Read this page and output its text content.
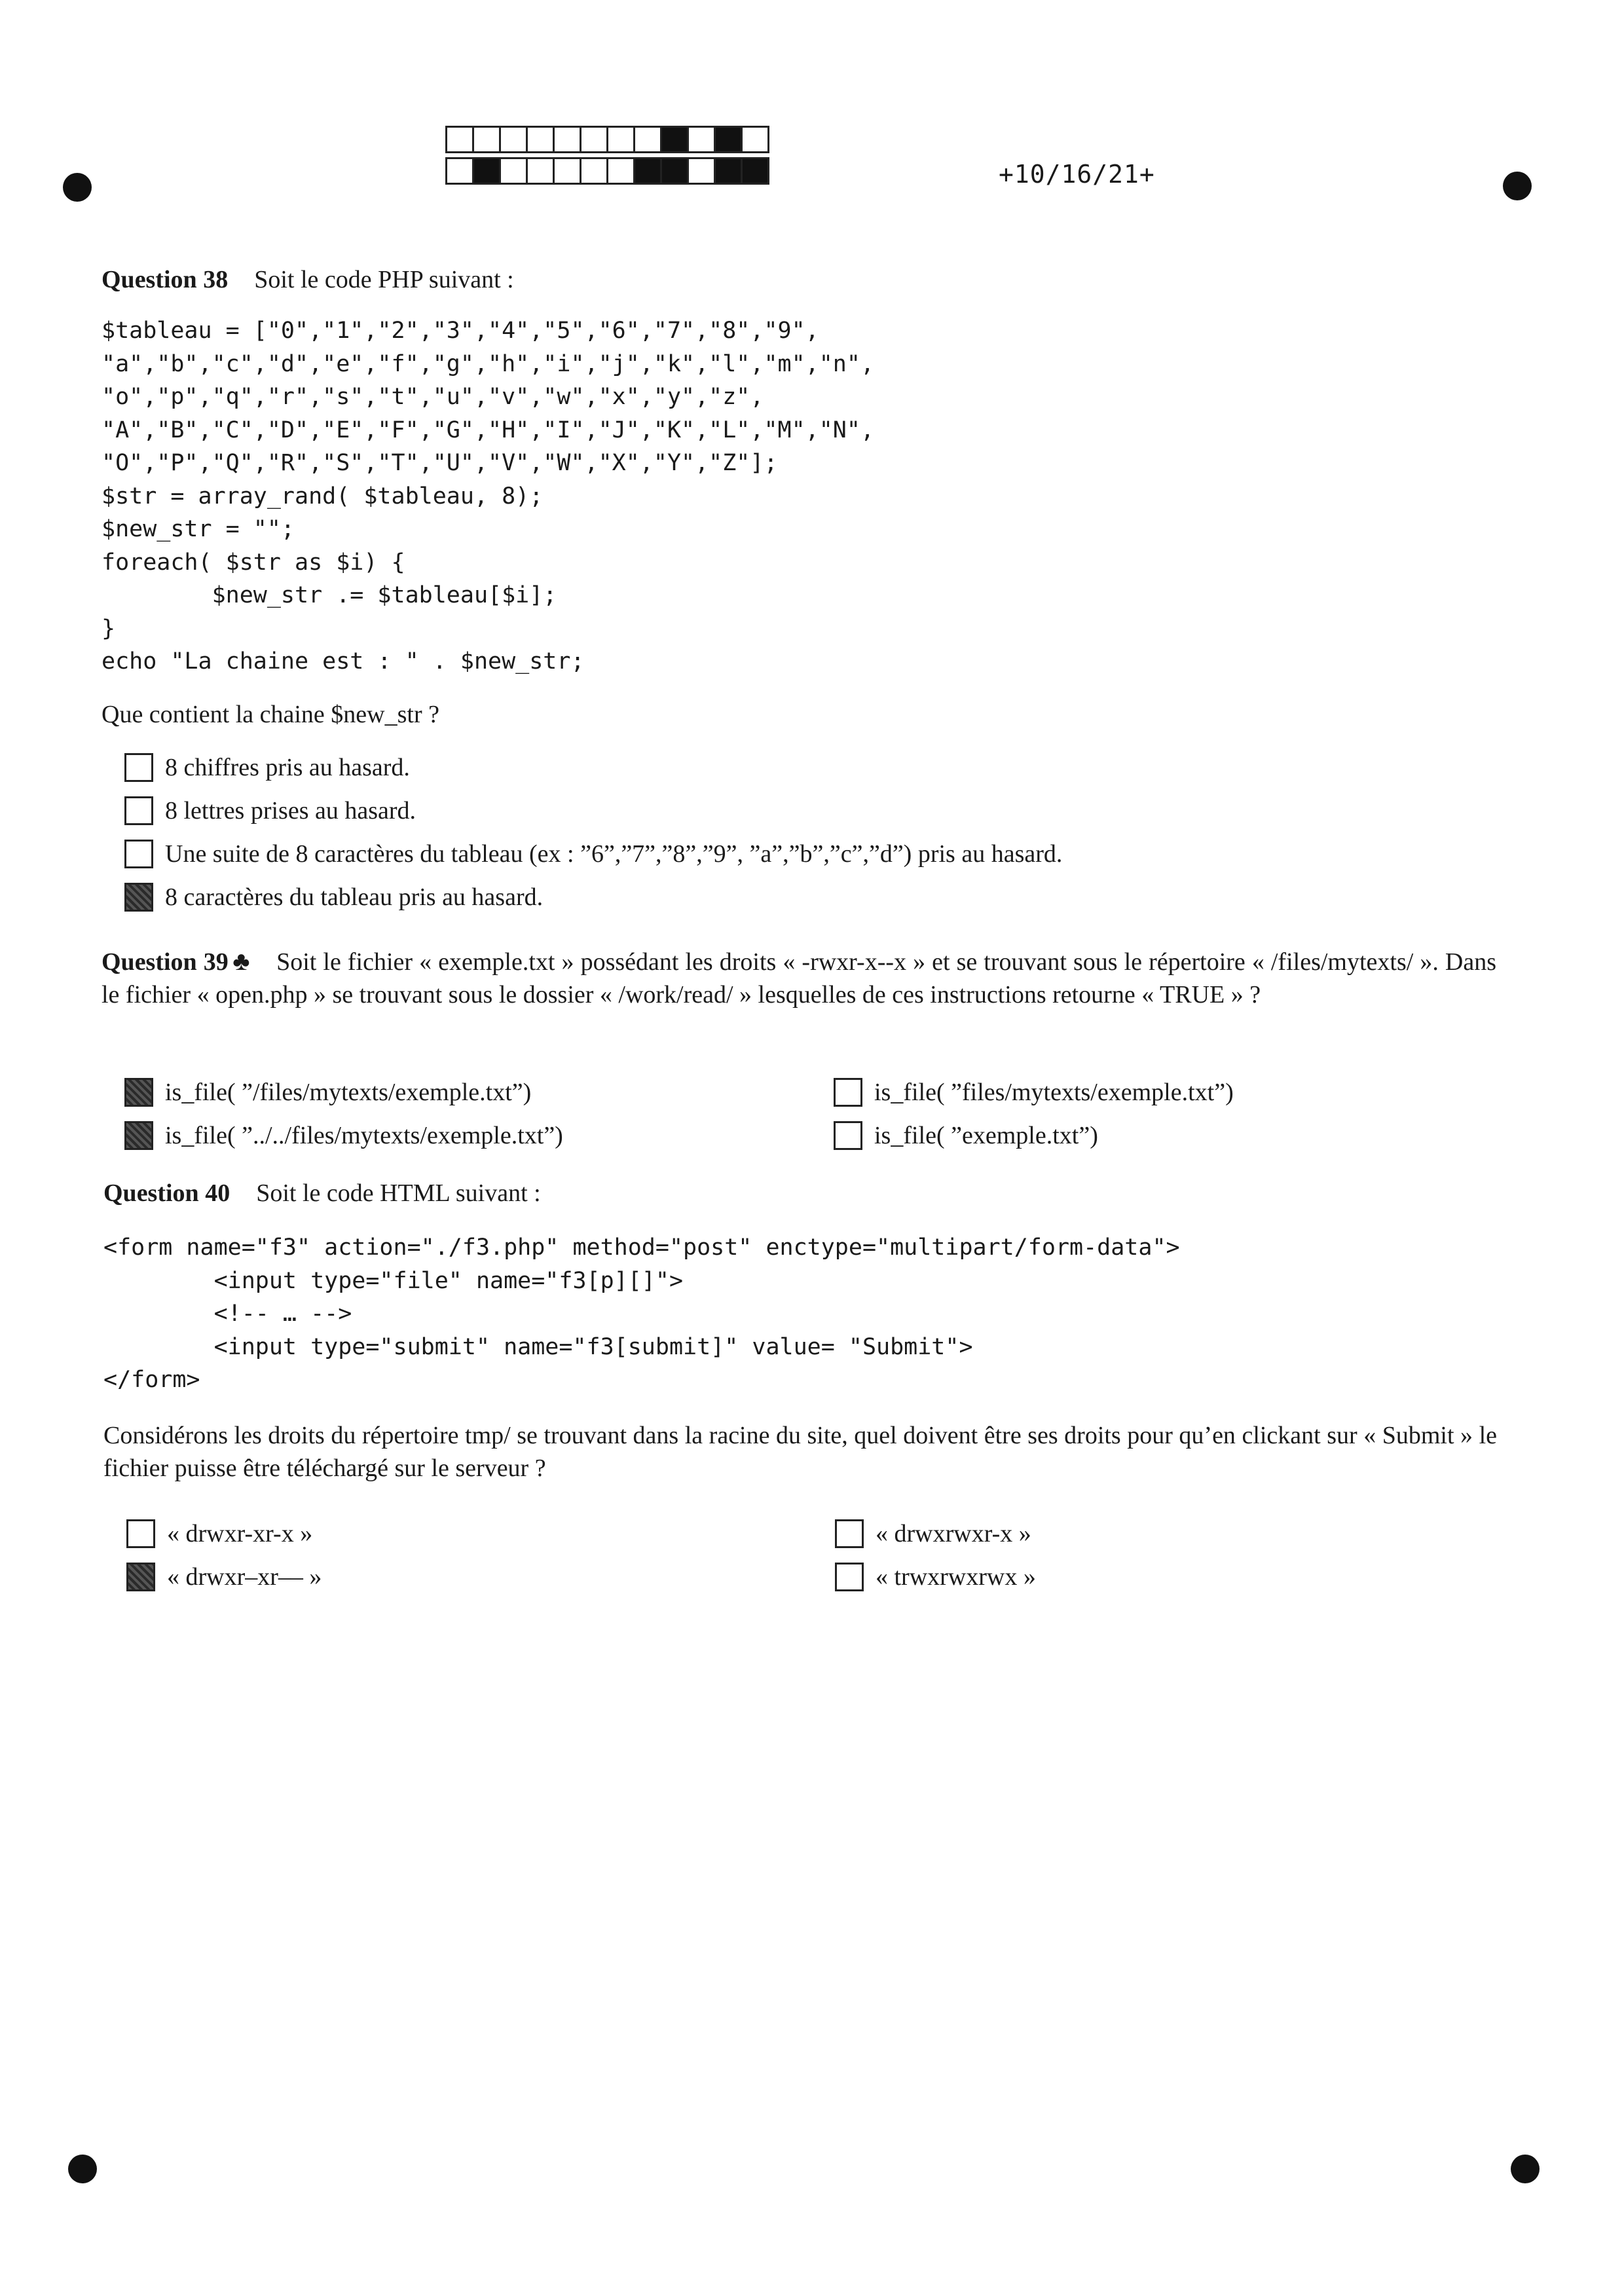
+10/16/21+
Question 38 Soit le code PHP suivant :
$tableau = ["0","1","2","3","4","5","6","7","8","9",
"a","b","c","d","e","f","g","h","i","j","k","l","m","n",
"o","p","q","r","s","t","u","v","w","x","y","z",
"A","B","C","D","E","F","G","H","I","J","K","L","M","N",
"O","P","Q","R","S","T","U","V","W","X","Y","Z"];
$str = array_rand( $tableau, 8);
$new_str = "";
foreach( $str as $i) {
$new_str .= $tableau[$i];
}
echo "La chaine est : " . $new_str;
Que contient la chaine $new_str ?
8 chiffres pris au hasard.
8 lettres prises au hasard.
Une suite de 8 caractères du tableau (ex : ”6”,”7”,”8”,”9”, ”a”,”b”,”c”,”d”) pris au hasard.
8 caractères du tableau pris au hasard.
Question 39 ♣ Soit le fichier « exemple.txt » possédant les droits « -rwxr-x--x » et se trouvant sous le répertoire « /files/mytexts/ ». Dans le fichier « open.php » se trouvant sous le dossier « /work/read/ » lesquelles de ces instructions retourne « TRUE » ?
is_file( ”/files/mytexts/exemple.txt”)	is_file( ”files/mytexts/exemple.txt”)
is_file( ”../../files/mytexts/exemple.txt”)	is_file( ”exemple.txt”)
Question 40 Soit le code HTML suivant :
<form name="f3" action="./f3.php" method="post" enctype="multipart/form-data">
<input type="file" name="f3[p][]">
<!-- … -->
<input type="submit" name="f3[submit]" value= "Submit">
</form>
Considérons les droits du répertoire tmp/ se trouvant dans la racine du site, quel doivent être ses droits pour qu’en clickant sur « Submit » le fichier puisse être téléchargé sur le serveur ?
« drwxr-xr-x »	« drwxrwxr-x »
« drwxr–xr–– »	« trwxrwxrwx »
